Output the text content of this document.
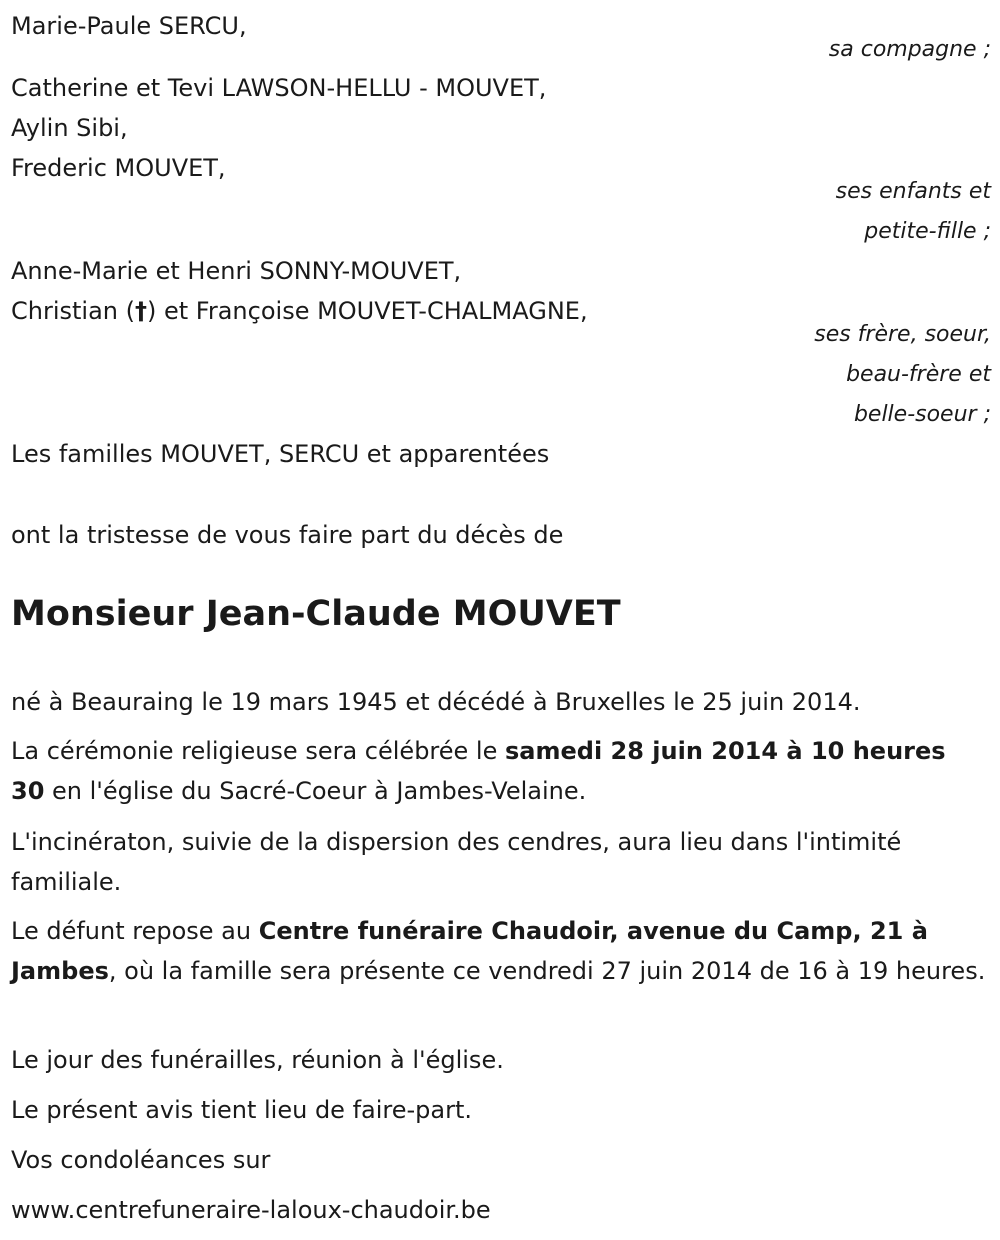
Marie-Paule SERCU,
sa compagne ;
Catherine et Tevi LAWSON-HELLU - MOUVET,
Aylin Sibi,
Frederic MOUVET,
ses enfants et
petite-fille ;
Anne-Marie et Henri SONNY-MOUVET,
Christian (†) et Françoise MOUVET-CHALMAGNE,
ses frère, soeur,
beau-frère et
belle-soeur ;
Les familles MOUVET, SERCU et apparentées
ont la tristesse de vous faire part du décès de
Monsieur Jean-Claude MOUVET
né à Beauraing le 19 mars 1945 et décédé à Bruxelles le 25 juin 2014.
La cérémonie religieuse sera célébrée le samedi 28 juin 2014 à 10 heures 30 en l'église du Sacré-Coeur à Jambes-Velaine.
L'incinératon, suivie de la dispersion des cendres, aura lieu dans l'intimité familiale.
Le défunt repose au Centre funéraire Chaudoir, avenue du Camp, 21 à Jambes, où la famille sera présente ce vendredi 27 juin 2014 de 16 à 19 heures.
Le jour des funérailles, réunion à l'église.
Le présent avis tient lieu de faire-part.
Vos condoléances sur
www.centrefuneraire-laloux-chaudoir.be
